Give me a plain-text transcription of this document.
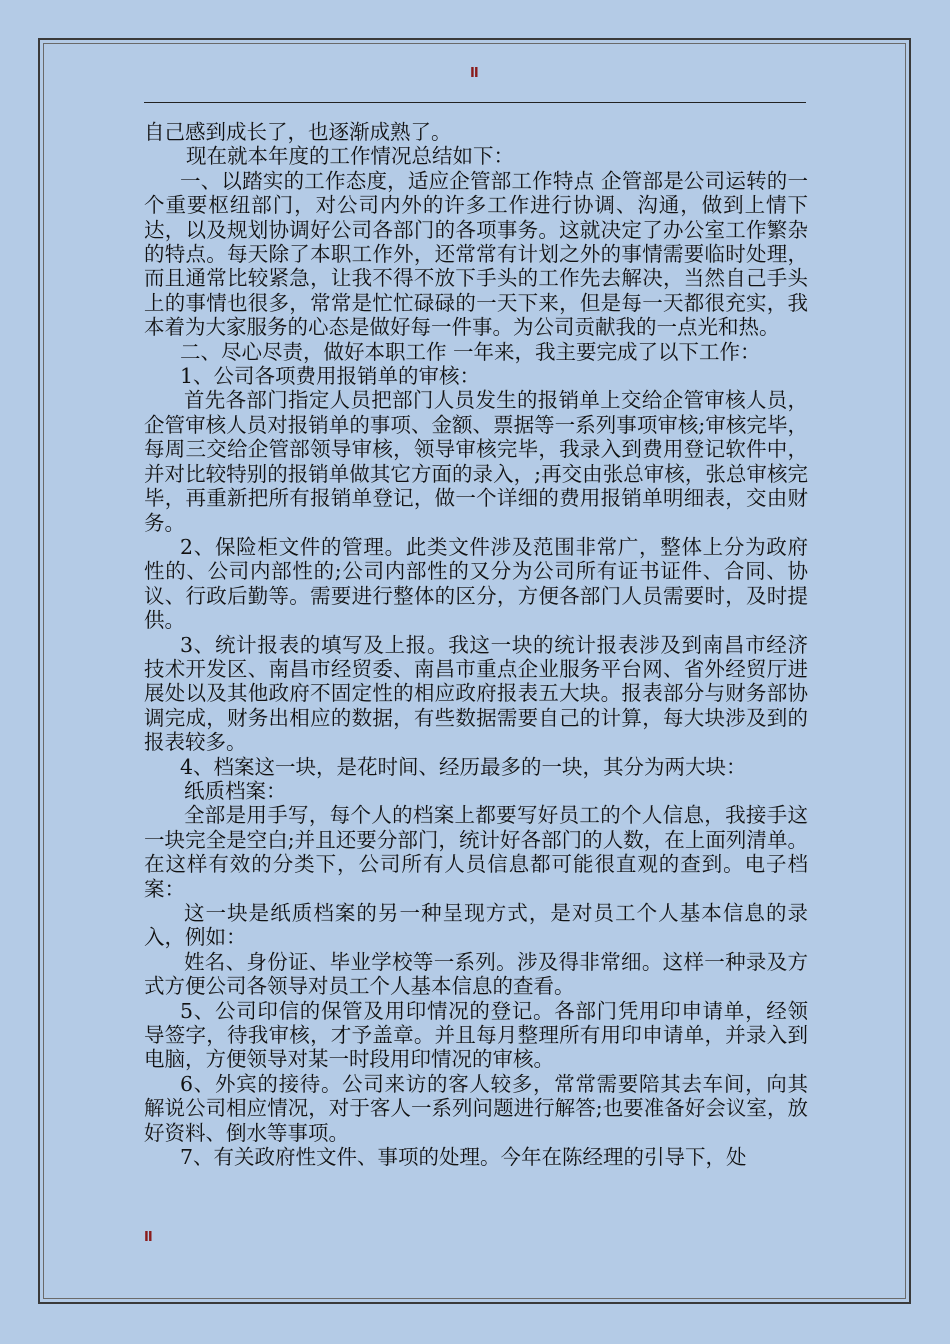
II

自己感到成长了，也逐渐成熟了。

现在就本年度的工作情况总结如下：

一、以踏实的工作态度，适应企管部工作特点 企管部是公司运转的一个重要枢纽部门，对公司内外的许多工作进行协调、沟通，做到上情下达，以及规划协调好公司各部门的各项事务。这就决定了办公室工作繁杂的特点。每天除了本职工作外，还常常有计划之外的事情需要临时处理，而且通常比较紧急，让我不得不放下手头的工作先去解决，当然自己手头上的事情也很多，常常是忙忙碌碌的一天下来，但是每一天都很充实，我本着为大家服务的心态是做好每一件事。为公司贡献我的一点光和热。

二、尽心尽责，做好本职工作 一年来，我主要完成了以下工作：

1、公司各项费用报销单的审核：

首先各部门指定人员把部门人员发生的报销单上交给企管审核人员，企管审核人员对报销单的事项、金额、票据等一系列事项审核;审核完毕，每周三交给企管部领导审核，领导审核完毕，我录入到费用登记软件中，并对比较特别的报销单做其它方面的录入，;再交由张总审核，张总审核完毕，再重新把所有报销单登记，做一个详细的费用报销单明细表，交由财务。

2、保险柜文件的管理。此类文件涉及范围非常广，整体上分为政府性的、公司内部性的;公司内部性的又分为公司所有证书证件、合同、协议、行政后勤等。需要进行整体的区分，方便各部门人员需要时，及时提供。

3、统计报表的填写及上报。我这一块的统计报表涉及到南昌市经济技术开发区、南昌市经贸委、南昌市重点企业服务平台网、省外经贸厅进展处以及其他政府不固定性的相应政府报表五大块。报表部分与财务部协调完成，财务出相应的数据，有些数据需要自己的计算，每大块涉及到的报表较多。

4、档案这一块，是花时间、经历最多的一块，其分为两大块：

纸质档案：

全部是用手写，每个人的档案上都要写好员工的个人信息，我接手这一块完全是空白;并且还要分部门，统计好各部门的人数，在上面列清单。在这样有效的分类下，公司所有人员信息都可能很直观的查到。电子档案：

这一块是纸质档案的另一种呈现方式，是对员工个人基本信息的录入，例如：

姓名、身份证、毕业学校等一系列。涉及得非常细。这样一种录及方式方便公司各领导对员工个人基本信息的查看。

5、公司印信的保管及用印情况的登记。各部门凭用印申请单，经领导签字，待我审核，才予盖章。并且每月整理所有用印申请单，并录入到电脑，方便领导对某一时段用印情况的审核。

6、外宾的接待。公司来访的客人较多，常常需要陪其去车间，向其解说公司相应情况，对于客人一系列问题进行解答;也要准备好会议室，放好资料、倒水等事项。

7、有关政府性文件、事项的处理。今年在陈经理的引导下，处

II
